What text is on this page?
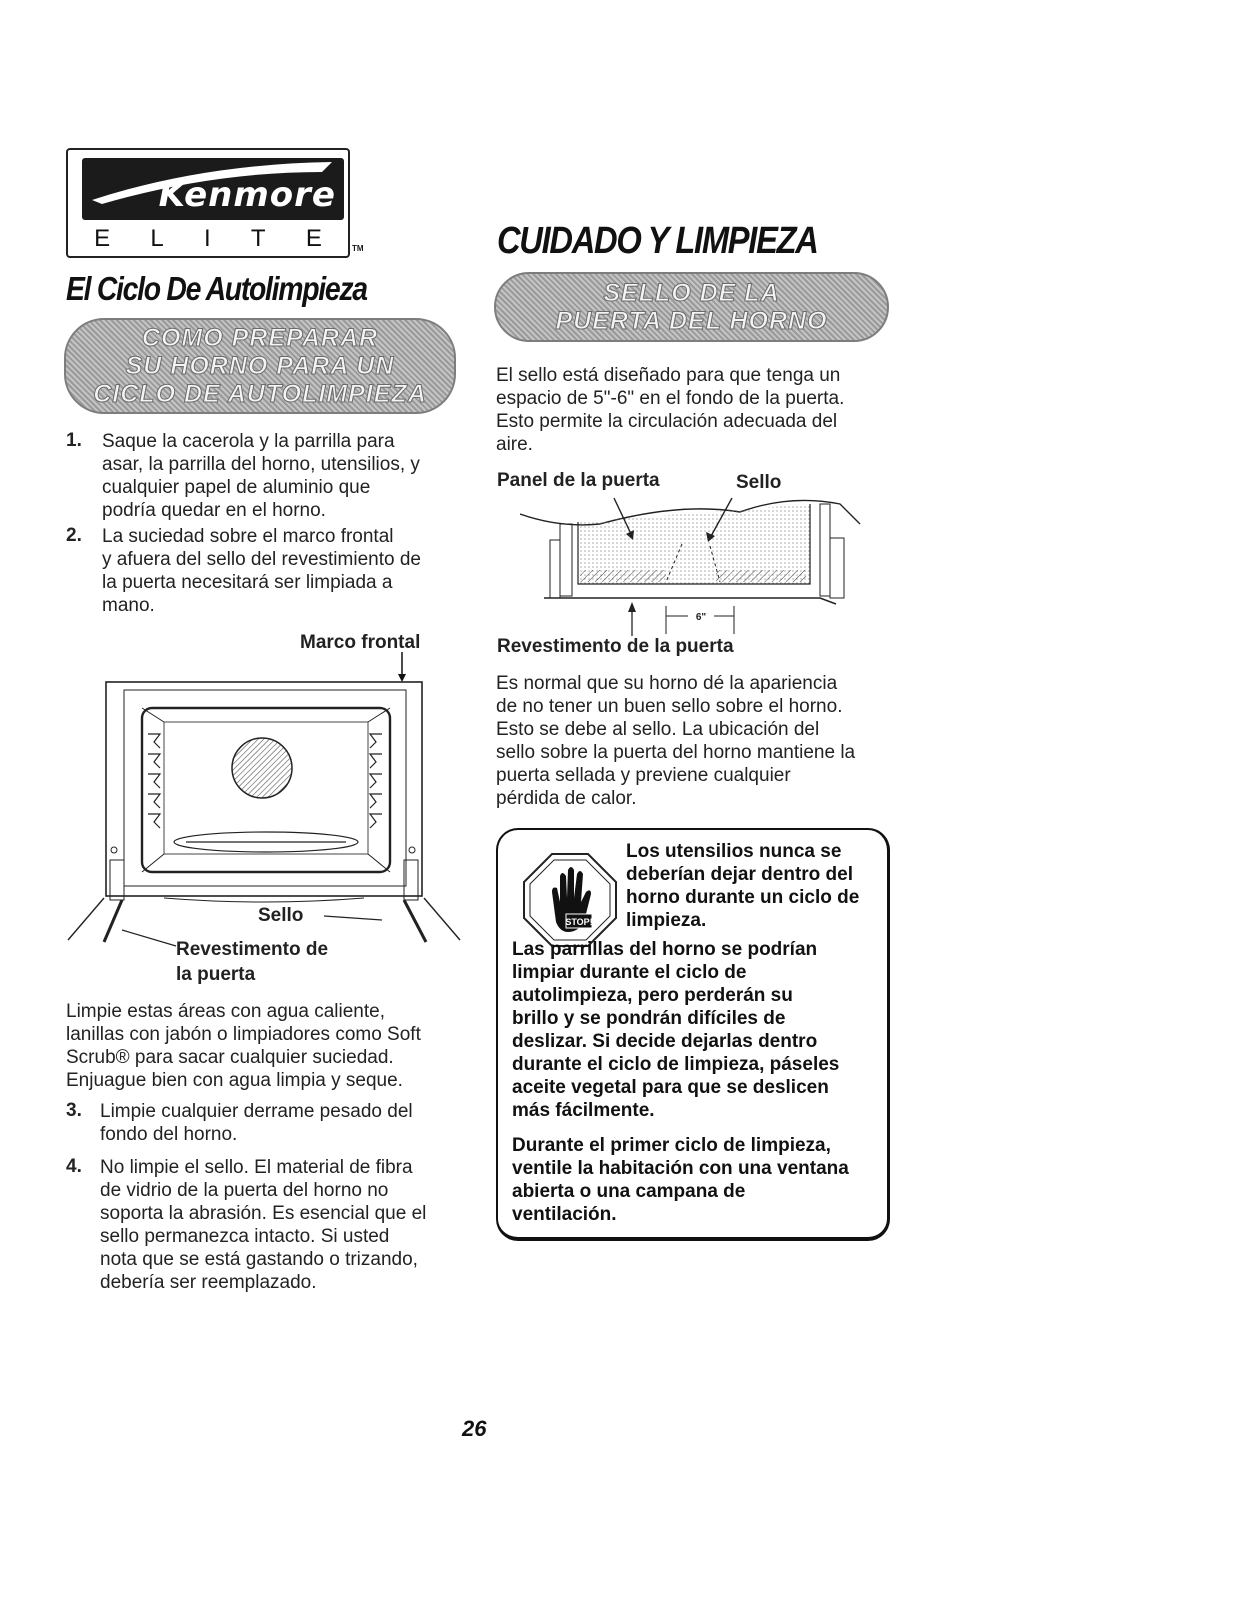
Kenmore
E L I T E	TM
El Ciclo De Autolimpieza
CUIDADO Y LIMPIEZA
COMO PREPARAR
SU HORNO PARA UN
CICLO DE AUTOLIMPIEZA
1. Saque la cacerola y la parrilla para
asar, la parrilla del horno, utensilios, y
cualquier papel de aluminio que
podría quedar en el horno.
2. La suciedad sobre el marco frontal
y afuera del sello del revestimiento de
la puerta necesitará ser limpiada a
mano.
Marco frontal
Sello
Revestimento de
la puerta
Limpie estas áreas con agua caliente,
lanillas con jabón o limpiadores como Soft
Scrub® para sacar cualquier suciedad.
Enjuague bien con agua limpia y seque.
3. Limpie cualquier derrame pesado del
fondo del horno.
4. No limpie el sello. El material de fibra
de vidrio de la puerta del horno no
soporta la abrasión. Es esencial que el
sello permanezca intacto. Si usted
nota que se está gastando o trizando,
debería ser reemplazado.
SELLO DE LA
PUERTA DEL HORNO
El sello está diseñado para que tenga un
espacio de 5"-6" en el fondo de la puerta.
Esto permite la circulación adecuada del
aire.
Panel de la puerta	Sello
6"
Revestimento de la puerta
Es normal que su horno dé la apariencia
de no tener un buen sello sobre el horno.
Esto se debe al sello. La ubicación del
sello sobre la puerta del horno mantiene la
puerta sellada y previene cualquier
pérdida de calor.
STOP!
Los utensilios nunca se
deberían dejar dentro del
horno durante un ciclo de
limpieza.
Las parrillas del horno se podrían
limpiar durante el ciclo de
autolimpieza, pero perderán su
brillo y se pondrán difíciles de
deslizar. Si decide dejarlas dentro
durante el ciclo de limpieza, páseles
aceite vegetal para que se deslicen
más fácilmente.
Durante el primer ciclo de limpieza,
ventile la habitación con una ventana
abierta o una campana de
ventilación.
26
